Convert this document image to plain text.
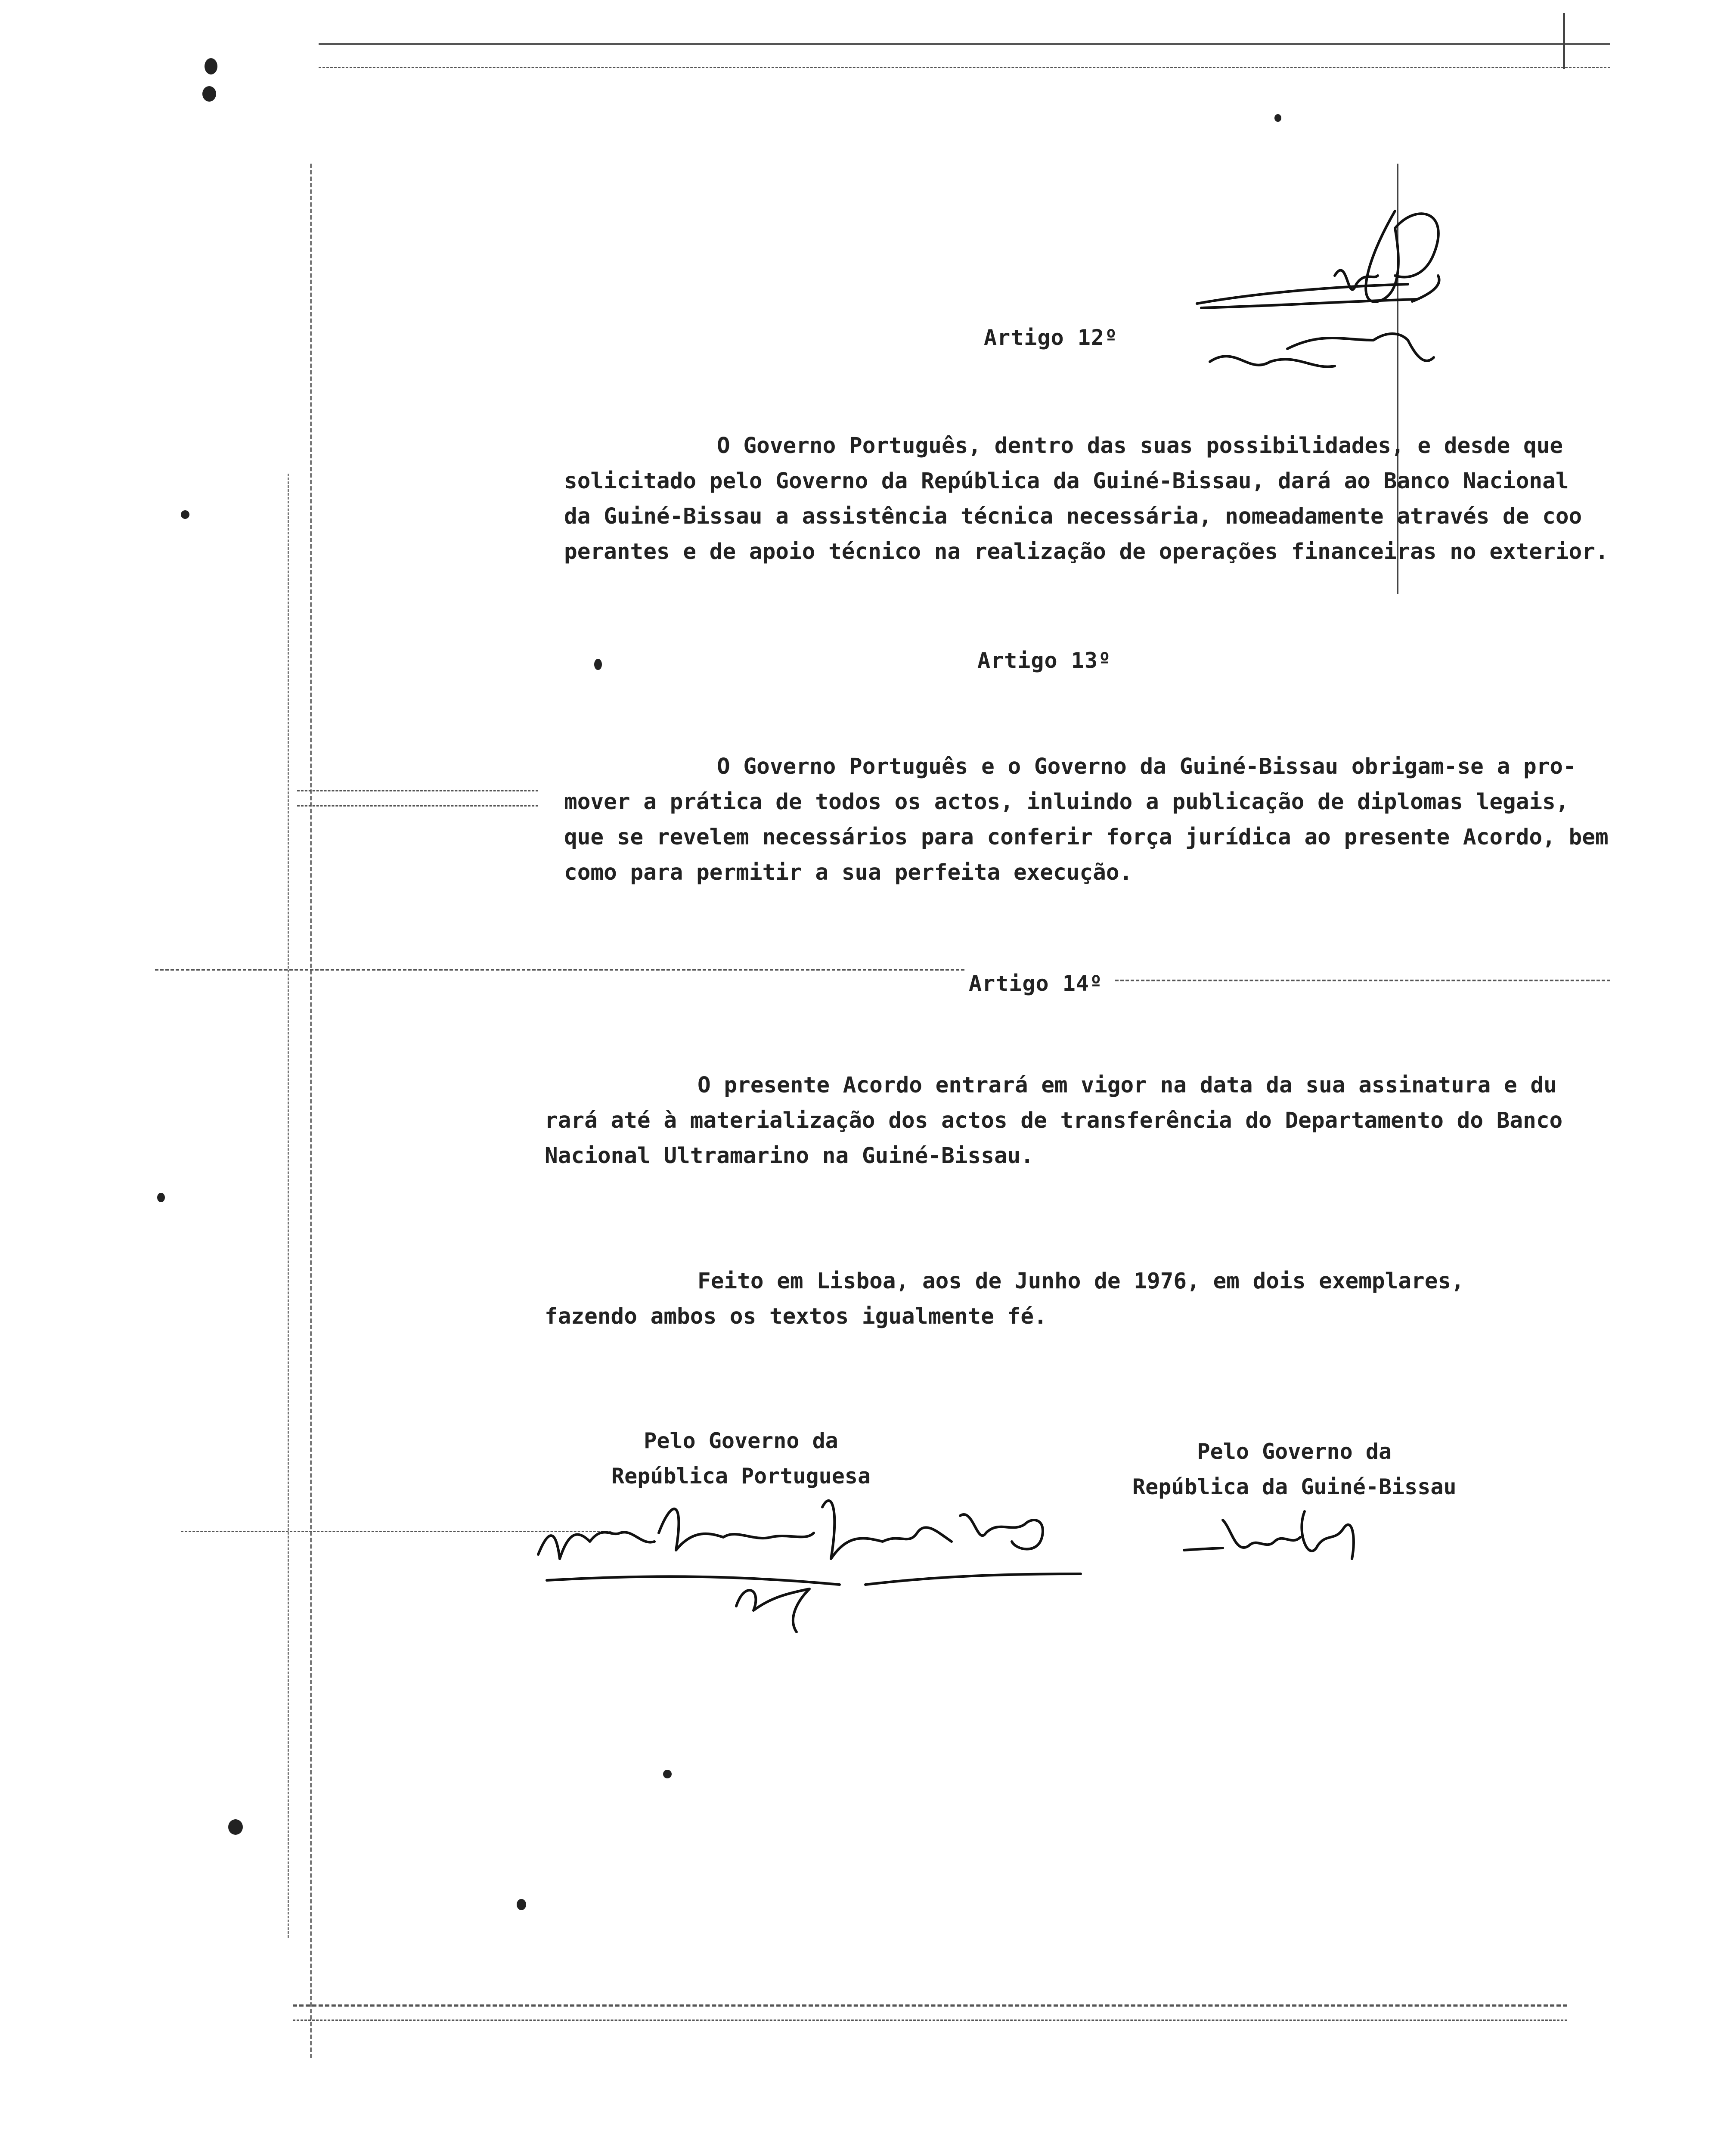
Artigo 12º
O Governo Português, dentro das suas possibilidades, e desde que
solicitado pelo Governo da República da Guiné-Bissau, dará ao Banco Nacional
da Guiné-Bissau a assistência técnica necessária, nomeadamente através de coo
perantes e de apoio técnico na realização de operações financeiras no exterior.
Artigo 13º
O Governo Português e o Governo da Guiné-Bissau obrigam-se a pro-
mover a prática de todos os actos, inluindo a publicação de diplomas legais,
que se revelem necessários para conferir força jurídica ao presente Acordo, bem
como para permitir a sua perfeita execução.
Artigo 14º
O presente Acordo entrará em vigor na data da sua assinatura e du
rará até à materialização dos actos de transferência do Departamento do Banco
Nacional Ultramarino na Guiné-Bissau.
Feito em Lisboa, aos de Junho de 1976, em dois exemplares,
fazendo ambos os textos igualmente fé.
Pelo Governo da
República Portuguesa
Pelo Governo da
República da Guiné-Bissau
